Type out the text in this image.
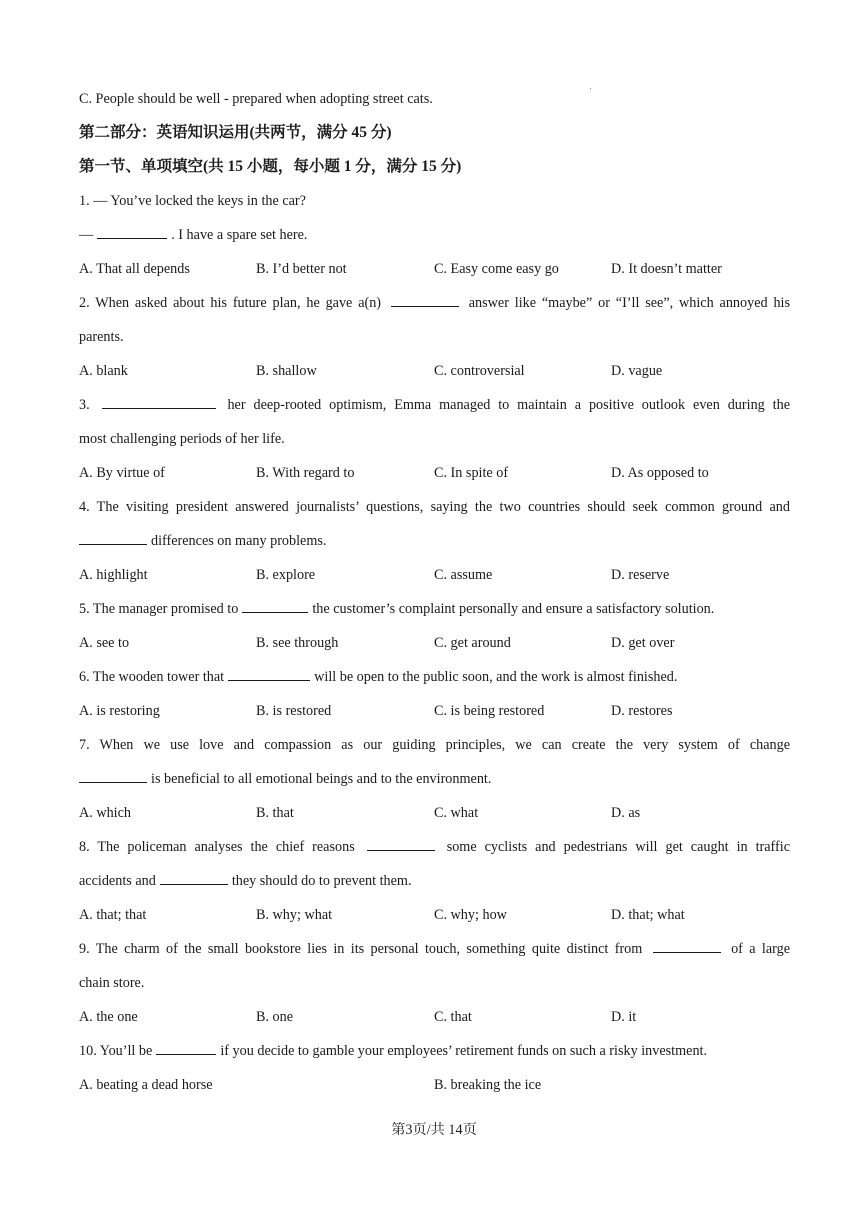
C. People should be well - prepared when adopting street cats.
第二部分：英语知识运用(共两节，满分 45 分)
第一节、单项填空(共 15 小题，每小题 1 分，满分 15 分)
1. — You’ve locked the keys in the car?
—	. I have a spare set here.
A. That all depends	B. I’d better not	C. Easy come easy go	D. It doesn’t matter
2. When asked about his future plan, he gave a(n)	answer like “maybe” or “I’ll see”, which annoyed his
parents.
A. blank	B. shallow	C. controversial	D. vague
3.	her deep-rooted optimism, Emma managed to maintain a positive outlook even during the
most challenging periods of her life.
A. By virtue of	B. With regard to	C. In spite of	D. As opposed to
4. The visiting president answered journalists’ questions, saying the two countries should seek common ground and
differences on many problems.
A. highlight	B. explore	C. assume	D. reserve
5. The manager promised to	the customer’s complaint personally and ensure a satisfactory solution.
A. see to	B. see through	C. get around	D. get over
6. The wooden tower that	will be open to the public soon, and the work is almost finished.
A. is restoring	B. is restored	C. is being restored	D. restores
7. When we use love and compassion as our guiding principles, we can create the very system of change
is beneficial to all emotional beings and to the environment.
A. which	B. that	C. what	D. as
8. The policeman analyses the chief reasons	some cyclists and pedestrians will get caught in traffic
accidents and	they should do to prevent them.
A. that; that	B. why; what	C. why; how	D. that; what
9. The charm of the small bookstore lies in its personal touch, something quite distinct from	of a large
chain store.
A. the one	B. one	C. that	D. it
10. You’ll be	if you decide to gamble your employees’ retirement funds on such a risky investment.
A. beating a dead horse	B. breaking the ice
第3页/共 14页
